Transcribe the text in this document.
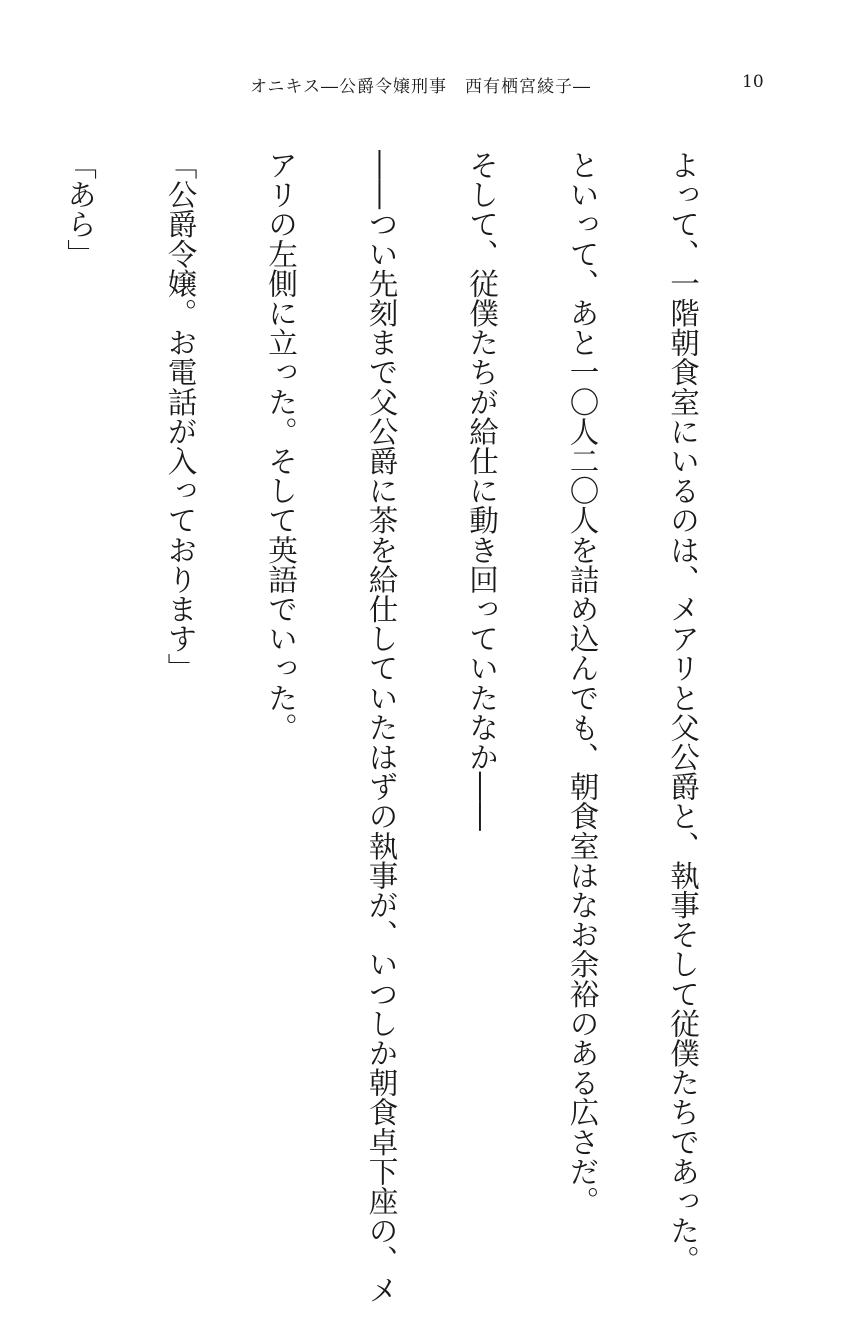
オニキス―公爵令嬢刑事　西有栖宮綾子―	10

よって、一階朝食室にいるのは、メアリと父公爵と、執事そして従僕たちであった。

といって、あと一〇人二〇人を詰め込んでも、朝食室はなお余裕のある広さだ。

そして、従僕たちが給仕に動き回っていたなか――

――つい先刻まで父公爵に茶を給仕していたはずの執事が、いつしか朝食卓下座の、メ

アリの左側に立った。そして英語でいった。

「公爵令嬢。お電話が入っております」

「あら」
